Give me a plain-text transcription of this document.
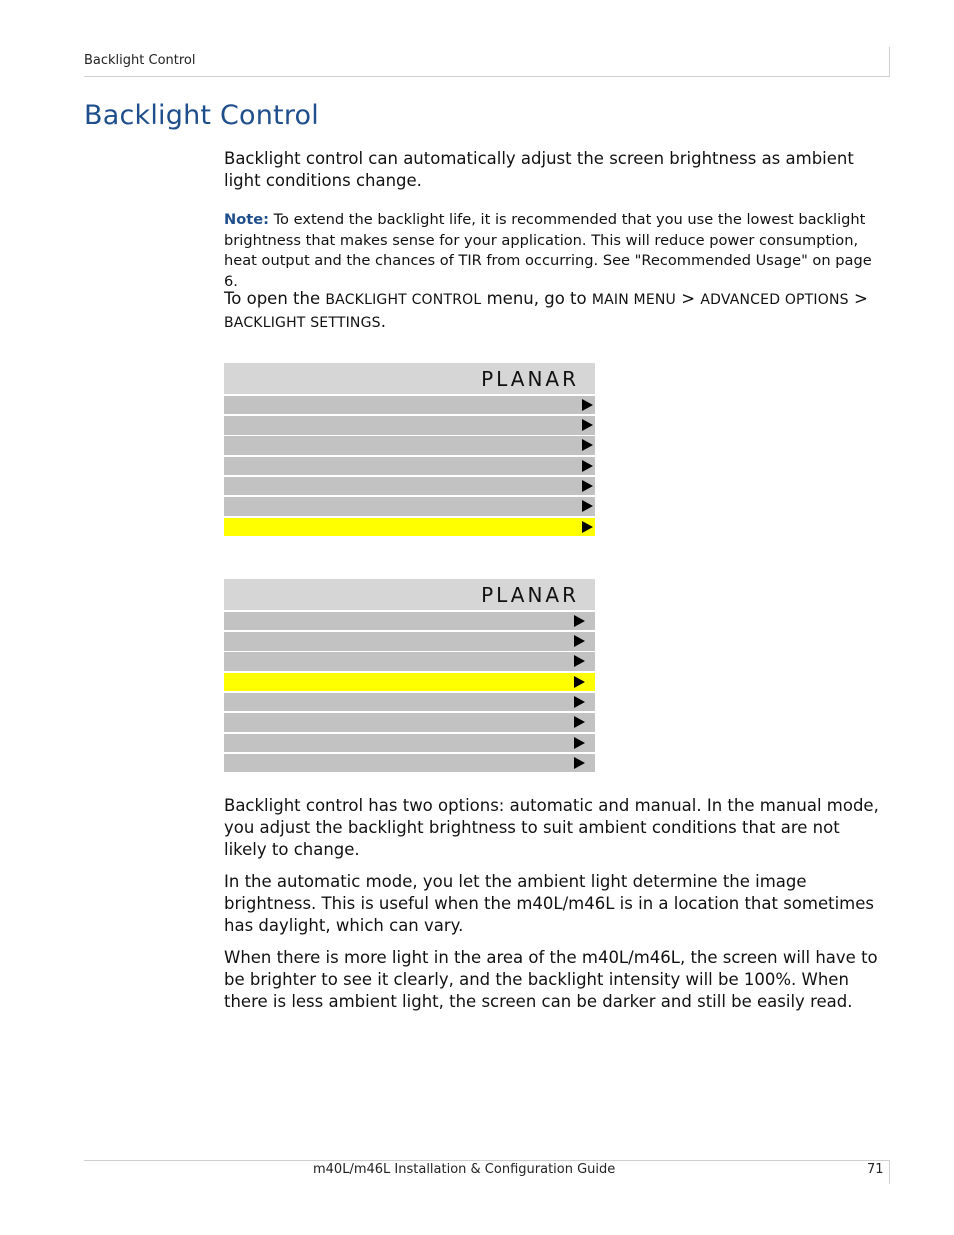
Backlight Control
Backlight Control

Backlight control can automatically adjust the screen brightness as ambient light conditions change.

Note: To extend the backlight life, it is recommended that you use the lowest backlight brightness that makes sense for your application. This will reduce power consumption, heat output and the chances of TIR from occurring. See "Recommended Usage" on page 6.

To open the BACKLIGHT CONTROL menu, go to MAIN MENU > ADVANCED OPTIONS > BACKLIGHT SETTINGS.

PLANAR
PLANAR

Backlight control has two options: automatic and manual. In the manual mode, you adjust the backlight brightness to suit ambient conditions that are not likely to change.

In the automatic mode, you let the ambient light determine the image brightness. This is useful when the m40L/m46L is in a location that sometimes has daylight, which can vary.

When there is more light in the area of the m40L/m46L, the screen will have to be brighter to see it clearly, and the backlight intensity will be 100%. When there is less ambient light, the screen can be darker and still be easily read.

m40L/m46L Installation & Configuration Guide	71
